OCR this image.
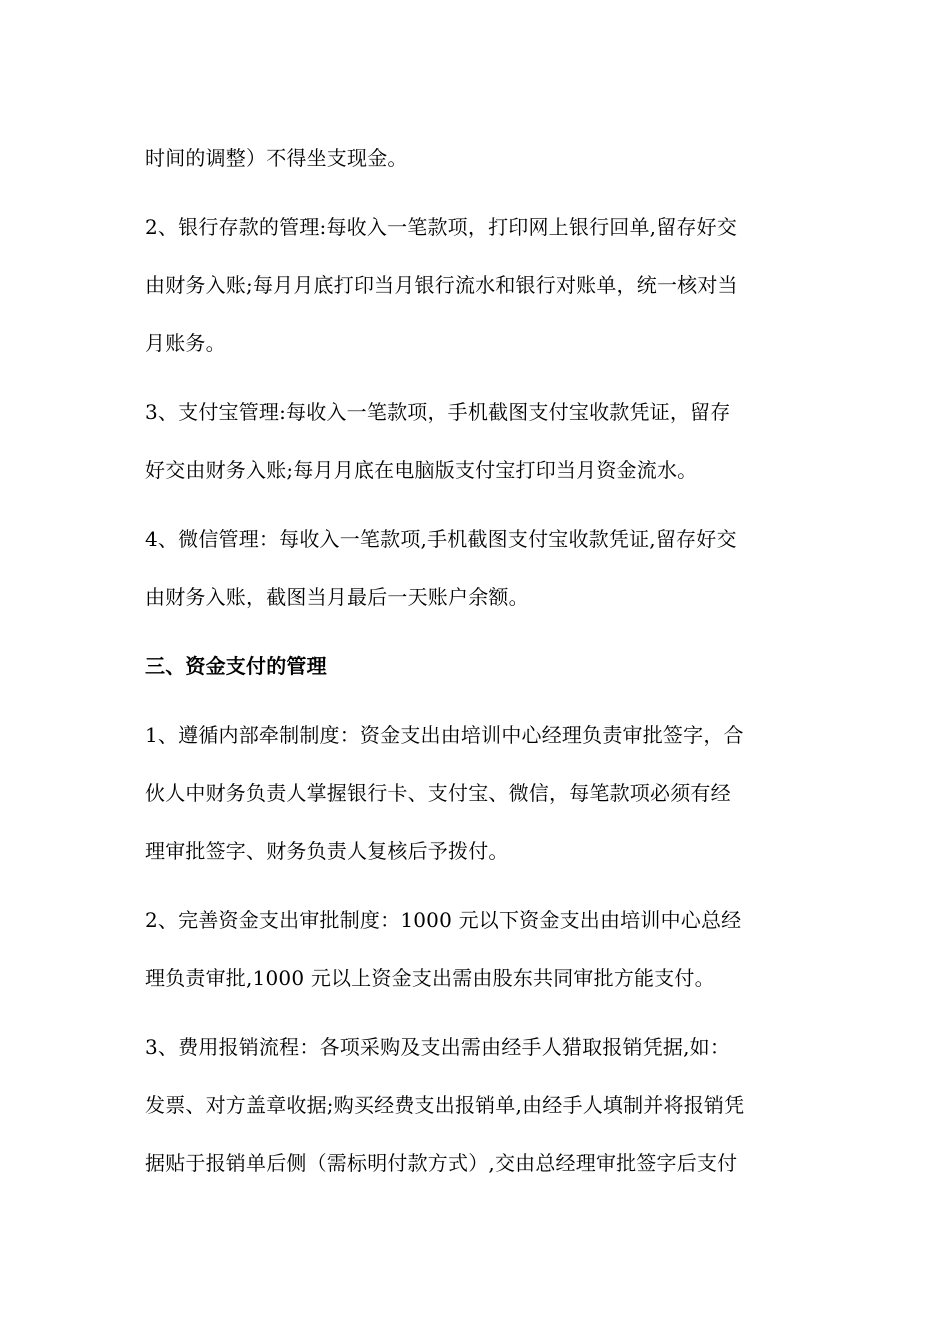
时间的调整）不得坐支现金。

2、银行存款的管理:每收入一笔款项，打印网上银行回单,留存好交
由财务入账;每月月底打印当月银行流水和银行对账单，统一核对当
月账务。

3、支付宝管理:每收入一笔款项，手机截图支付宝收款凭证，留存
好交由财务入账;每月月底在电脑版支付宝打印当月资金流水。

4、微信管理：每收入一笔款项,手机截图支付宝收款凭证,留存好交
由财务入账，截图当月最后一天账户余额。

三、资金支付的管理

1、遵循内部牵制制度：资金支出由培训中心经理负责审批签字，合
伙人中财务负责人掌握银行卡、支付宝、微信，每笔款项必须有经
理审批签字、财务负责人复核后予拨付。

2、完善资金支出审批制度：1000 元以下资金支出由培训中心总经
理负责审批,1000 元以上资金支出需由股东共同审批方能支付。

3、费用报销流程：各项采购及支出需由经手人猎取报销凭据,如：
发票、对方盖章收据;购买经费支出报销单,由经手人填制并将报销凭
据贴于报销单后侧（需标明付款方式）,交由总经理审批签字后支付
